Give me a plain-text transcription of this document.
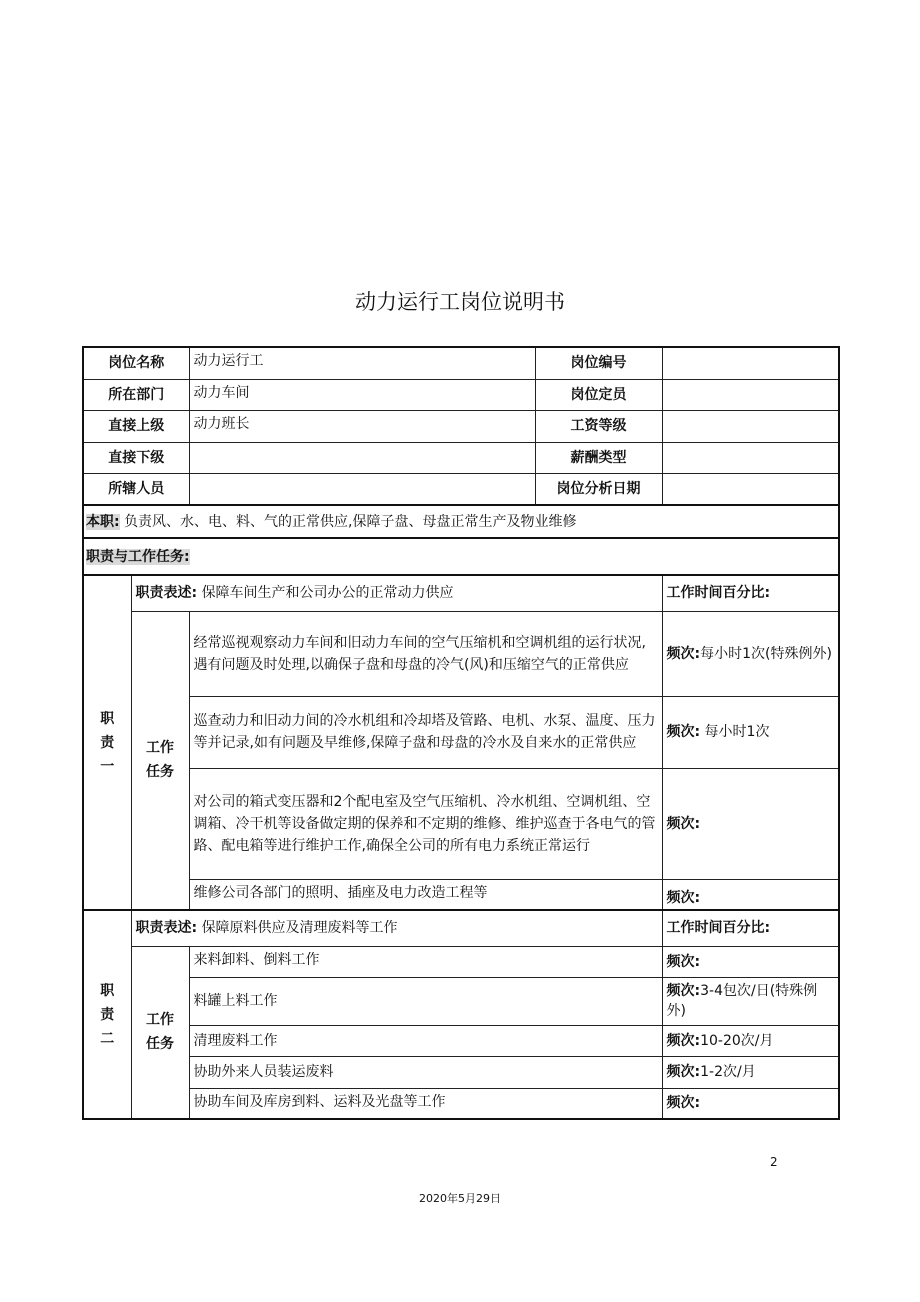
动力运行工岗位说明书
岗位名称		动力运行工	岗位编号	
所在部门		动力车间	岗位定员	
直接上级		动力班长	工资等级	
直接下级			薪酬类型	
所辖人员			岗位分析日期	
本职: 负责风、水、电、料、气的正常供应,保障子盘、母盘正常生产及物业维修				
职责与工作任务:				

职责一	职责表述: 保障车间生产和公司办公的正常动力供应			工作时间百分比:

	工作任务	经常巡视观察动力车间和旧动力车间的空气压缩机和空调机组的运行状况,遇有问题及时处理,以确保子盘和母盘的冷气(风)和压缩空气的正常供应		频次:每小时1次(特殊例外)
		巡查动力和旧动力间的冷水机组和冷却塔及管路、电机、水泵、温度、压力等并记录,如有问题及早维修,保障子盘和母盘的冷水及自来水的正常供应		频次: 每小时1次
		对公司的箱式变压器和2个配电室及空气压缩机、冷水机组、空调机组、空调箱、冷干机等设备做定期的保养和不定期的维修、维护巡查于各电气的管路、配电箱等进行维护工作,确保全公司的所有电力系统正常运行		频次:
		维修公司各部门的照明、插座及电力改造工程等		频次:

职责二	职责表述: 保障原料供应及清理废料等工作			工作时间百分比:

	工作任务	来料卸料、倒料工作		频次:
		料罐上料工作		频次:3-4包次/日(特殊例外)
		清理废料工作		频次:10-20次/月
		协助外来人员装运废料		频次:1-2次/月
		协助车间及库房到料、运料及光盘等工作		频次:
2
2020年5月29日
